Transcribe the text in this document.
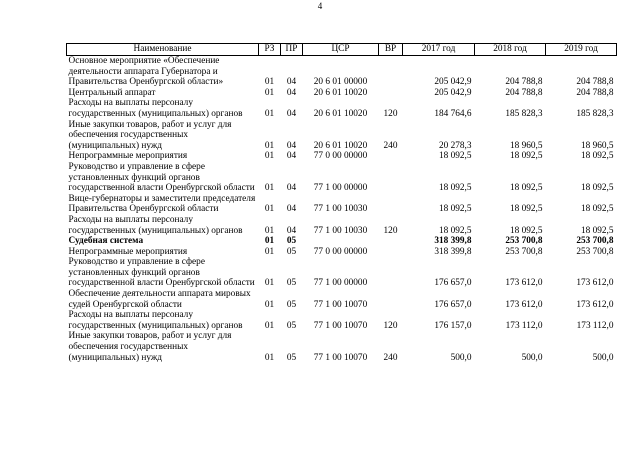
4
Наименование	РЗ	ПР	ЦСР	ВР	2017 год	2018 год	2019 год
Основное мероприятие «Обеспечение деятельности аппарата Губернатора и Правительства Оренбургской области»	01	04	20 6 01 00000		205 042,9	204 788,8	204 788,8
Центральный аппарат	01	04	20 6 01 10020		205 042,9	204 788,8	204 788,8
Расходы на выплаты персоналу государственных (муниципальных) органов	01	04	20 6 01 10020	120	184 764,6	185 828,3	185 828,3
Иные закупки товаров, работ и услуг для обеспечения государственных (муниципальных) нужд	01	04	20 6 01 10020	240	20 278,3	18 960,5	18 960,5
Непрограммные мероприятия	01	04	77 0 00 00000		18 092,5	18 092,5	18 092,5
Руководство и управление в сфере установленных функций органов государственной власти Оренбургской области	01	04	77 1 00 00000		18 092,5	18 092,5	18 092,5
Вице-губернаторы и заместители председателя Правительства Оренбургской области	01	04	77 1 00 10030		18 092,5	18 092,5	18 092,5
Расходы на выплаты персоналу государственных (муниципальных) органов	01	04	77 1 00 10030	120	18 092,5	18 092,5	18 092,5
Судебная система	01	05			318 399,8	253 700,8	253 700,8
Непрограммные мероприятия	01	05	77 0 00 00000		318 399,8	253 700,8	253 700,8
Руководство и управление в сфере установленных функций органов государственной власти Оренбургской области	01	05	77 1 00 00000		176 657,0	173 612,0	173 612,0
Обеспечение деятельности аппарата мировых судей Оренбургской области	01	05	77 1 00 10070		176 657,0	173 612,0	173 612,0
Расходы на выплаты персоналу государственных (муниципальных) органов	01	05	77 1 00 10070	120	176 157,0	173 112,0	173 112,0
Иные закупки товаров, работ и услуг для обеспечения государственных (муниципальных) нужд	01	05	77 1 00 10070	240	500,0	500,0	500,0
